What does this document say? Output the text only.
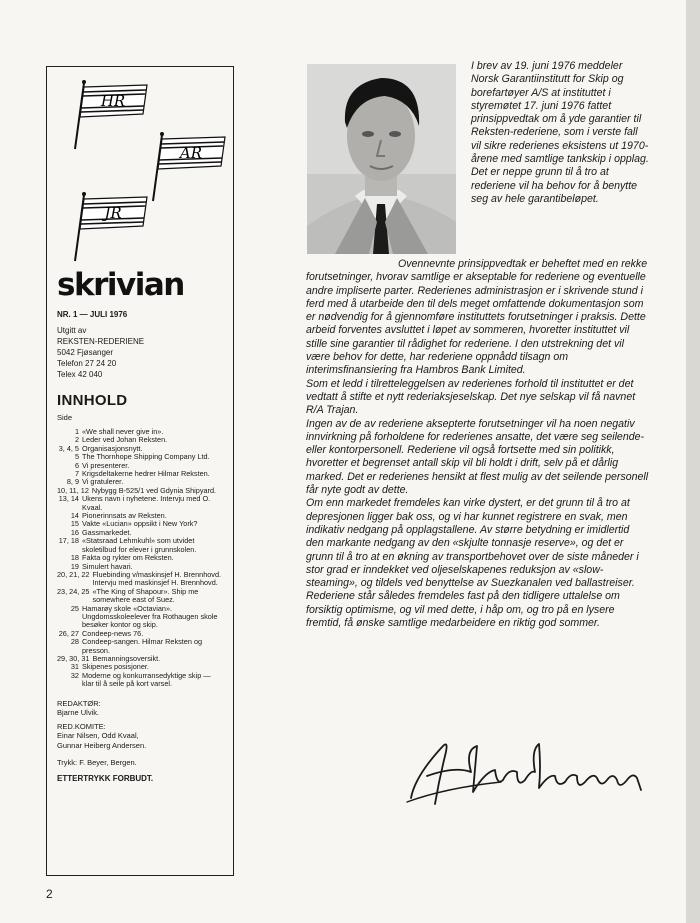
HR
AR
JR
skrivian
NR. 1 — JULI 1976
Utgitt av
REKSTEN-REDERIENE
5042 Fjøsanger
Telefon 27 24 20
Telex 42 040
INNHOLD
Side
1 «We shall never give in».
2 Leder ved Johan Reksten.
3, 4, 5 Organisasjonsnytt.
5 The Thornhope Shipping Company Ltd.
6 Vi presenterer.
7 Krigsdeltakerne hedrer Hilmar Reksten.
8, 9 Vi gratulerer.
10, 11, 12 Nybygg B-525/1 ved Gdynia Shipyard.
13, 14 Ukens navn i nyhetene. Intervju med O. Kvaal.
14 Pionerinnsats av Reksten.
15 Vakte «Lucian» oppsikt i New York?
16 Gassmarkedet.
17, 18 «Statsraad Lehmkuhl» som utvidet skoletilbud for elever i grunnskolen.
18 Fakta og rykter om Reksten.
19 Simulert havari.
20, 21, 22 Fluebinding v/maskinsjef H. Brennhovd. Intervju med maskinsjef H. Brennhovd.
23, 24, 25 «The King of Shapour». Ship me somewhere east of Suez.
25 Hamarøy skole «Octavian». Ungdomsskoleelever fra Rothaugen skole besøker kontor og skip.
26, 27 Condeep-news 76.
28 Condeep-sangen. Hilmar Reksten og presson.
29, 30, 31 Bemanningsoversikt.
31 Skipenes posisjoner.
32 Moderne og konkurransedyktige skip — klar til å seile på kort varsel.
REDAKTØR:
Bjarne Ulvik.
RED.KOMITE:
Einar Nilsen, Odd Kvaal,
Gunnar Heiberg Andersen.
Trykk: F. Beyer, Bergen.
ETTERTRYKK FORBUDT.
2

I brev av 19. juni 1976 meddeler Norsk Garantiinstitutt for Skip og borefartøyer A/S at instituttet i styremøtet 17. juni 1976 fattet prinsippvedtak om å yde garantier til Reksten-rederiene, som i verste fall vil sikre rederienes eksistens ut 1970-årene med samtlige tankskip i opplag. Det er neppe grunn til å tro at rederiene vil ha behov for å benytte seg av hele garantibeløpet.

Ovennevnte prinsippvedtak er beheftet med en rekke forutsetninger, hvorav samtlige er akseptable for rederiene og eventuelle andre impliserte parter. Rederienes administrasjon er i skrivende stund i ferd med å utarbeide den til dels meget omfattende dokumentasjon som er nødvendig for å gjennomføre instituttets forutsetninger i praksis. Dette arbeid forventes avsluttet i løpet av sommeren, hvoretter instituttet vil stille sine garantier til rådighet for rederiene. I den utstrekning det vil være behov for dette, har rederiene oppnådd tilsagn om interimsfinansiering fra Hambros Bank Limited.

Som et ledd i tilretteleggelsen av rederienes forhold til instituttet er det vedtatt å stifte et nytt rederiaksjeselskap. Det nye selskap vil få navnet R/A Trajan.

Ingen av de av rederiene aksepterte forutsetninger vil ha noen negativ innvirkning på forholdene for rederienes ansatte, det være seg seilende- eller kontorpersonell. Rederiene vil også fortsette med sin politikk, hvoretter et begrenset antall skip vil bli holdt i drift, selv på et dårlig marked. Det er rederienes hensikt at flest mulig av det seilende personell får nyte godt av dette.

Om enn markedet fremdeles kan virke dystert, er det grunn til å tro at depresjonen ligger bak oss, og vi har kunnet registrere en svak, men indikativ nedgang på opplagstallene. Av større betydning er imidlertid den markante nedgang av den «skjulte tonnasje reserve», og det er grunn til å tro at en økning av transportbehovet over de siste måneder i stor grad er inndekket ved oljeselskapenes reduksjon av «slow-steaming», og tildels ved benyttelse av Suezkanalen ved ballastreiser.

Rederiene står således fremdeles fast på den tidligere uttalelse om forsiktig optimisme, og vil med dette, i håp om, og tro på en lysere fremtid, få ønske samtlige medarbeidere en riktig god sommer.
